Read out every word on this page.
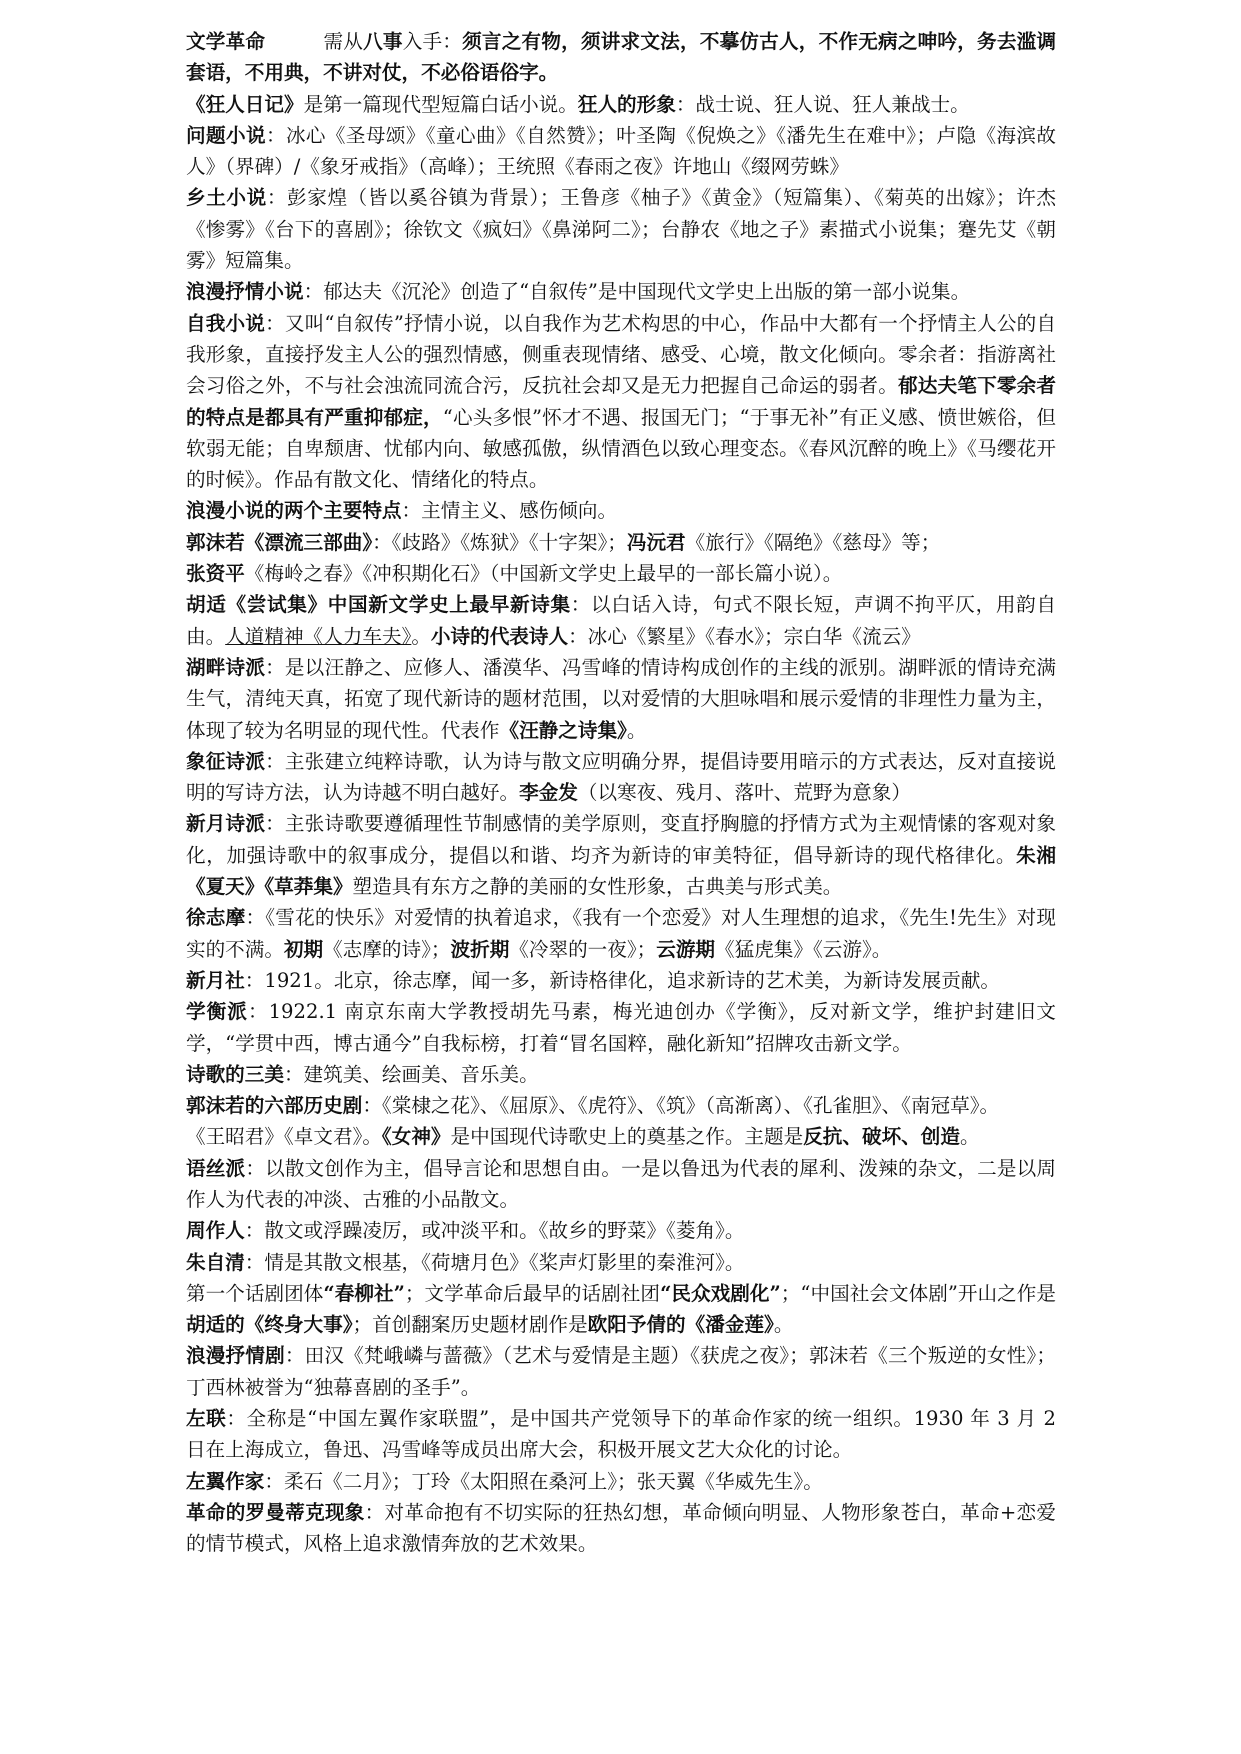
文学革命	需从八事入手：须言之有物，须讲求文法，不摹仿古人，不作无病之呻吟，务去滥调套语，不用典，不讲对仗，不必俗语俗字。

《狂人日记》是第一篇现代型短篇白话小说。狂人的形象：战士说、狂人说、狂人兼战士。

问题小说：冰心《圣母颂》《童心曲》《自然赞》；叶圣陶《倪焕之》《潘先生在难中》；卢隐《海滨故人》（界碑）/《象牙戒指》（高峰）；王统照《春雨之夜》许地山《缀网劳蛛》

乡土小说：彭家煌（皆以奚谷镇为背景）；王鲁彦《柚子》《黄金》（短篇集）、《菊英的出嫁》；许杰《惨雾》《台下的喜剧》；徐钦文《疯妇》《鼻涕阿二》；台静农《地之子》素描式小说集；蹇先艾《朝雾》短篇集。

浪漫抒情小说：郁达夫《沉沦》创造了“自叙传”是中国现代文学史上出版的第一部小说集。

自我小说：又叫“自叙传”抒情小说，以自我作为艺术构思的中心，作品中大都有一个抒情主人公的自我形象，直接抒发主人公的强烈情感，侧重表现情绪、感受、心境，散文化倾向。零余者：指游离社会习俗之外，不与社会浊流同流合污，反抗社会却又是无力把握自己命运的弱者。郁达夫笔下零余者的特点是都具有严重抑郁症，“心头多恨”怀才不遇、报国无门；“于事无补”有正义感、愤世嫉俗，但软弱无能；自卑颓唐、忧郁内向、敏感孤傲，纵情酒色以致心理变态。《春风沉醉的晚上》《马缨花开的时候》。作品有散文化、情绪化的特点。

浪漫小说的两个主要特点：主情主义、感伤倾向。

郭沫若《漂流三部曲》：《歧路》《炼狱》《十字架》；冯沅君《旅行》《隔绝》《慈母》等；

张资平《梅岭之春》《冲积期化石》（中国新文学史上最早的一部长篇小说）。

胡适《尝试集》中国新文学史上最早新诗集：以白话入诗，句式不限长短，声调不拘平仄，用韵自由。人道精神《人力车夫》。小诗的代表诗人：冰心《繁星》《春水》；宗白华《流云》

湖畔诗派：是以汪静之、应修人、潘漠华、冯雪峰的情诗构成创作的主线的派别。湖畔派的情诗充满生气，清纯天真，拓宽了现代新诗的题材范围，以对爱情的大胆咏唱和展示爱情的非理性力量为主，体现了较为名明显的现代性。代表作《汪静之诗集》。

象征诗派：主张建立纯粹诗歌，认为诗与散文应明确分界，提倡诗要用暗示的方式表达，反对直接说明的写诗方法，认为诗越不明白越好。李金发（以寒夜、残月、落叶、荒野为意象）

新月诗派：主张诗歌要遵循理性节制感情的美学原则，变直抒胸臆的抒情方式为主观情愫的客观对象化，加强诗歌中的叙事成分，提倡以和谐、均齐为新诗的审美特征，倡导新诗的现代格律化。朱湘《夏天》《草莽集》塑造具有东方之静的美丽的女性形象，古典美与形式美。

徐志摩：《雪花的快乐》对爱情的执着追求，《我有一个恋爱》对人生理想的追求，《先生!先生》对现实的不满。初期《志摩的诗》；波折期《冷翠的一夜》；云游期《猛虎集》《云游》。

新月社：1921。北京，徐志摩，闻一多，新诗格律化，追求新诗的艺术美，为新诗发展贡献。

学衡派：1922.1 南京东南大学教授胡先马素，梅光迪创办《学衡》，反对新文学，维护封建旧文学，“学贯中西，博古通今”自我标榜，打着“冒名国粹，融化新知”招牌攻击新文学。

诗歌的三美：建筑美、绘画美、音乐美。

郭沫若的六部历史剧：《棠棣之花》、《屈原》、《虎符》、《筑》（高渐离）、《孔雀胆》、《南冠草》。

《王昭君》《卓文君》。《女神》是中国现代诗歌史上的奠基之作。主题是反抗、破坏、创造。

语丝派：以散文创作为主，倡导言论和思想自由。一是以鲁迅为代表的犀利、泼辣的杂文，二是以周作人为代表的冲淡、古雅的小品散文。

周作人：散文或浮躁凌厉，或冲淡平和。《故乡的野菜》《菱角》。

朱自清：情是其散文根基，《荷塘月色》《桨声灯影里的秦淮河》。

第一个话剧团体“春柳社”；文学革命后最早的话剧社团“民众戏剧化”；“中国社会文体剧”开山之作是胡适的《终身大事》；首创翻案历史题材剧作是欧阳予倩的《潘金莲》。

浪漫抒情剧：田汉《梵峨嶙与蔷薇》（艺术与爱情是主题）《获虎之夜》；郭沫若《三个叛逆的女性》；丁西林被誉为“独幕喜剧的圣手”。

左联：全称是“中国左翼作家联盟”，是中国共产党领导下的革命作家的统一组织。1930 年 3 月 2 日在上海成立，鲁迅、冯雪峰等成员出席大会，积极开展文艺大众化的讨论。

左翼作家：柔石《二月》；丁玲《太阳照在桑河上》；张天翼《华威先生》。

革命的罗曼蒂克现象：对革命抱有不切实际的狂热幻想，革命倾向明显、人物形象苍白，革命+恋爱的情节模式，风格上追求激情奔放的艺术效果。
